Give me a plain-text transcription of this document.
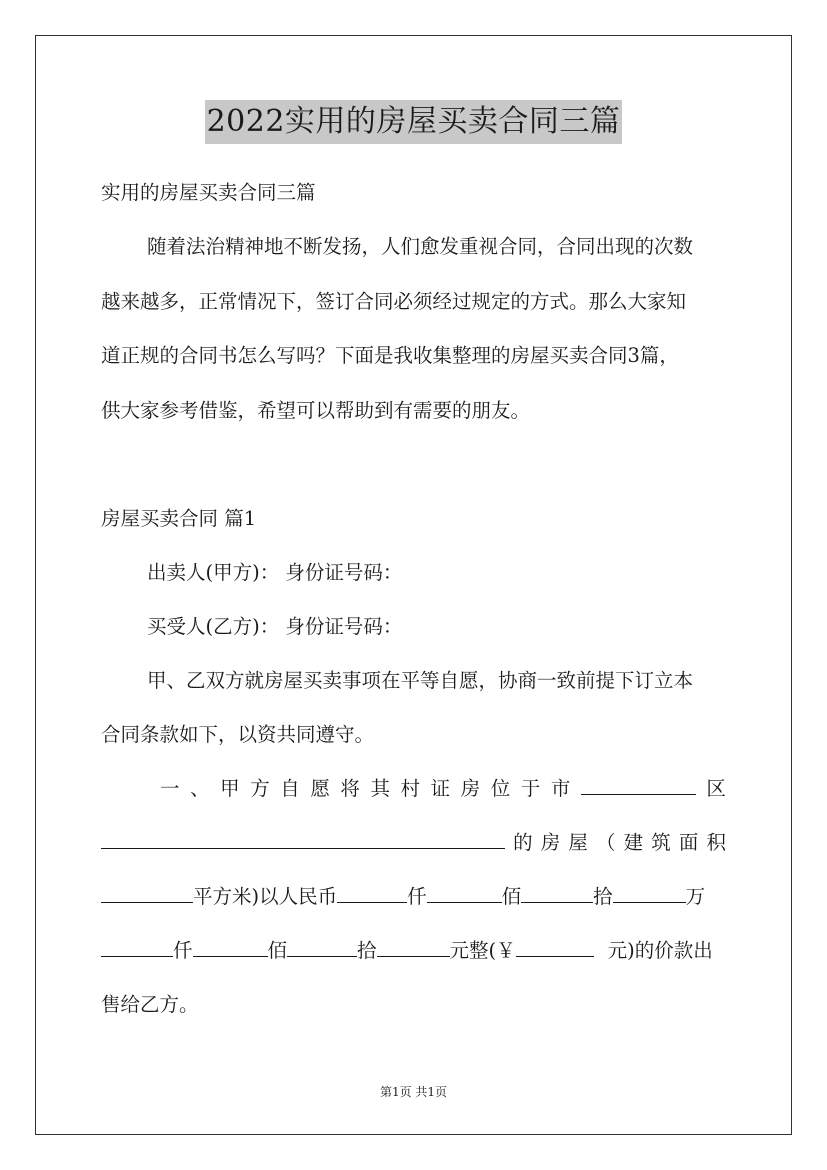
2022实用的房屋买卖合同三篇
实用的房屋买卖合同三篇
随着法治精神地不断发扬，人们愈发重视合同，合同出现的次数
越来越多，正常情况下，签订合同必须经过规定的方式。那么大家知
道正规的合同书怎么写吗？下面是我收集整理的房屋买卖合同3篇，
供大家参考借鉴，希望可以帮助到有需要的朋友。
房屋买卖合同 篇1
出卖人(甲方)： 身份证号码：
买受人(乙方)： 身份证号码：
甲、乙双方就房屋买卖事项在平等自愿，协商一致前提下订立本
合同条款如下，以资共同遵守。
一 、 甲 方 自 愿 将 其 村 证 房 位 于 市	区
的 房 屋 （ 建 筑 面 积
平方米)以人民币	仟	佰	拾	万
仟	佰	拾	元整(￥	元)的价款出
售给乙方。
第1页 共1页
